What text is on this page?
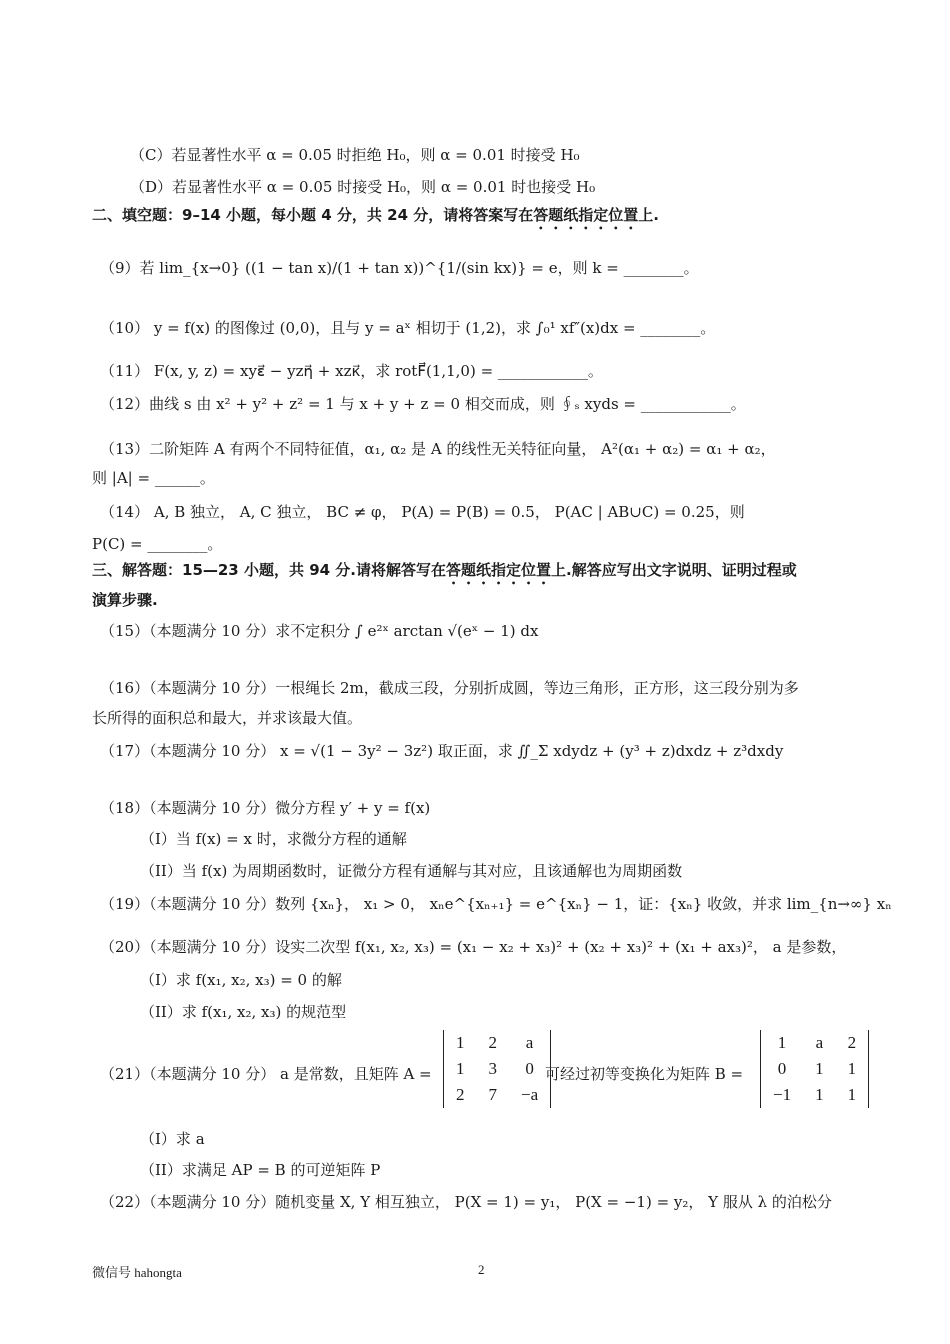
（C）若显著性水平 α = 0.05 时拒绝 H₀，则 α = 0.01 时接受 H₀
（D）若显著性水平 α = 0.05 时接受 H₀，则 α = 0.01 时也接受 H₀
二、填空题：9–14 小题，每小题 4 分，共 24 分，请将答案写在答题纸指定位置上.
（9）若 lim_{x→0} ((1 − tan x)/(1 + tan x))^{1/(sin kx)} = e，则 k = ________。
（10） y = f(x) 的图像过 (0,0)，且与 y = aˣ 相切于 (1,2)，求 ∫₀¹ xf″(x)dx = ________。
（11） F(x, y, z) = xyε⃗ − yzη⃗ + xzκ⃗，求 rotF⃗(1,1,0) = ____________。
（12）曲线 s 由 x² + y² + z² = 1 与 x + y + z = 0 相交而成，则 ∮ₛ xyds = ____________。
（13）二阶矩阵 A 有两个不同特征值，α₁, α₂ 是 A 的线性无关特征向量， A²(α₁ + α₂) = α₁ + α₂，
则 |A| = ______。
（14） A, B 独立， A, C 独立， BC ≠ φ， P(A) = P(B) = 0.5， P(AC | AB∪C) = 0.25，则
P(C) = ________。
三、解答题：15—23 小题，共 94 分.请将解答写在答题纸指定位置上.解答应写出文字说明、证明过程或
演算步骤.
（15）（本题满分 10 分）求不定积分 ∫ e²ˣ arctan √(eˣ − 1) dx
（16）（本题满分 10 分）一根绳长 2m，截成三段，分别折成圆，等边三角形，正方形，这三段分别为多
长所得的面积总和最大，并求该最大值。
（17）（本题满分 10 分） x = √(1 − 3y² − 3z²) 取正面，求 ∬_Σ xdydz + (y³ + z)dxdz + z³dxdy
（18）（本题满分 10 分）微分方程 y′ + y = f(x)
（I）当 f(x) = x 时，求微分方程的通解
（II）当 f(x) 为周期函数时，证微分方程有通解与其对应，且该通解也为周期函数
（19）（本题满分 10 分）数列 {xₙ}， x₁ > 0， xₙe^{xₙ₊₁} = e^{xₙ} − 1，证：{xₙ} 收敛，并求 lim_{n→∞} xₙ
（20）（本题满分 10 分）设实二次型 f(x₁, x₂, x₃) = (x₁ − x₂ + x₃)² + (x₂ + x₃)² + (x₁ + ax₃)²， a 是参数，
（I）求 f(x₁, x₂, x₃) = 0 的解
（II）求 f(x₁, x₂, x₃) 的规范型
（21）（本题满分 10 分） a 是常数，且矩阵 A =
1	2	a
1	3	0
2	7	−a
可经过初等变换化为矩阵 B =
1	a	2
0	1	1
−1	1	1
（I）求 a
（II）求满足 AP = B 的可逆矩阵 P
（22）（本题满分 10 分）随机变量 X, Y 相互独立， P(X = 1) = y₁， P(X = −1) = y₂， Y 服从 λ 的泊松分
微信号 hahongta	2
